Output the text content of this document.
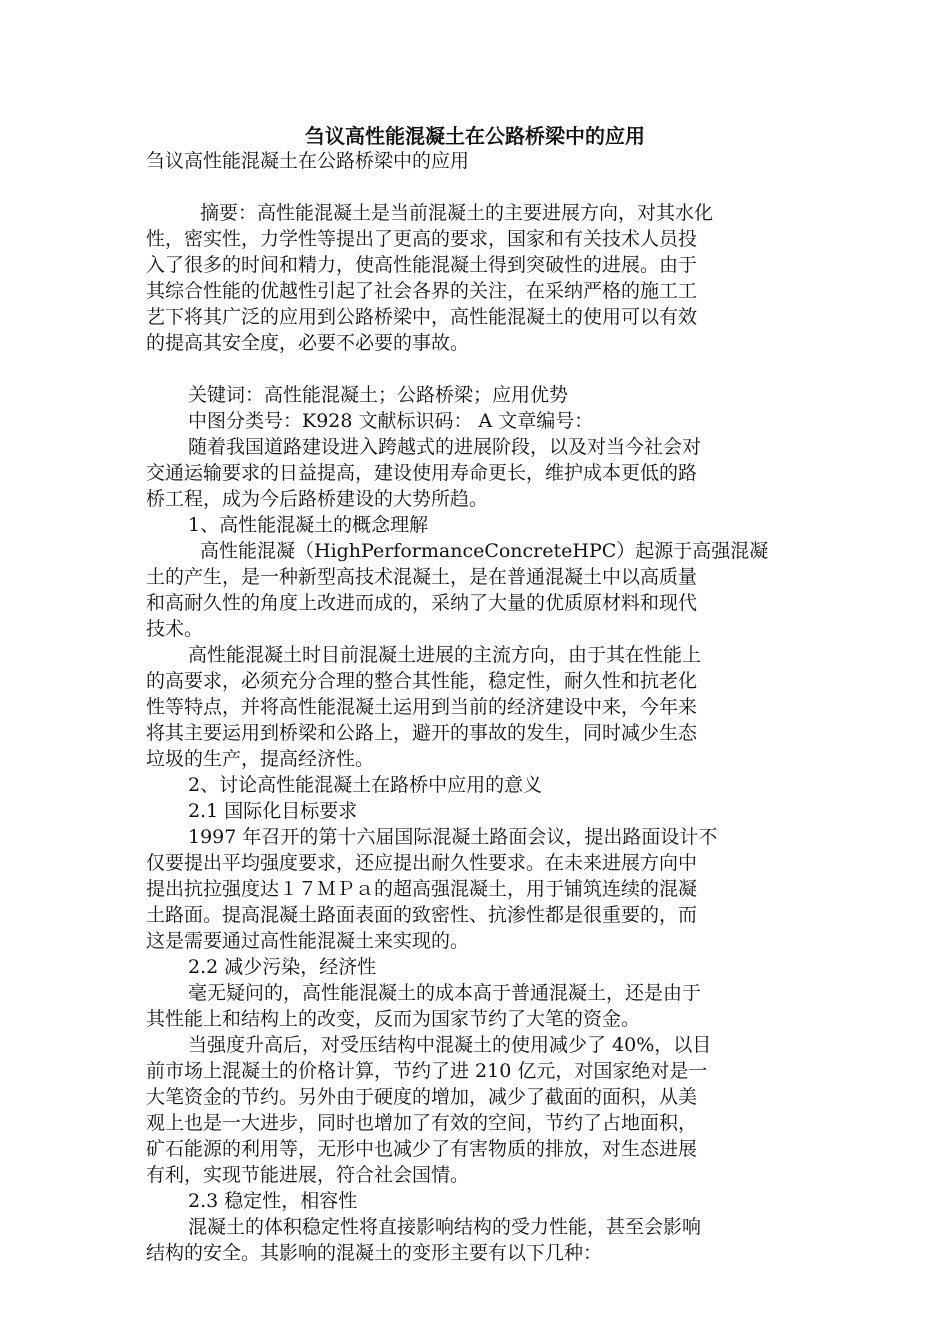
刍议高性能混凝土在公路桥梁中的应用
刍议高性能混凝土在公路桥梁中的应用
摘要：高性能混凝土是当前混凝土的主要进展方向，对其水化
性，密实性，力学性等提出了更高的要求，国家和有关技术人员投
入了很多的时间和精力，使高性能混凝土得到突破性的进展。由于
其综合性能的优越性引起了社会各界的关注，在采纳严格的施工工
艺下将其广泛的应用到公路桥梁中，高性能混凝土的使用可以有效
的提高其安全度，必要不必要的事故。
关键词：高性能混凝土；公路桥梁；应用优势
中图分类号：K928 文献标识码： A 文章编号：
随着我国道路建设进入跨越式的进展阶段，以及对当今社会对
交通运输要求的日益提高，建设使用寿命更长，维护成本更低的路
桥工程，成为今后路桥建设的大势所趋。
1、高性能混凝土的概念理解
高性能混凝（HighPerformanceConcreteHPC）起源于高强混凝
土的产生，是一种新型高技术混凝土，是在普通混凝土中以高质量
和高耐久性的角度上改进而成的，采纳了大量的优质原材料和现代
技术。
高性能混凝土时目前混凝土进展的主流方向，由于其在性能上
的高要求，必须充分合理的整合其性能，稳定性，耐久性和抗老化
性等特点，并将高性能混凝土运用到当前的经济建设中来，今年来
将其主要运用到桥梁和公路上，避开的事故的发生，同时减少生态
垃圾的生产，提高经济性。
2、讨论高性能混凝土在路桥中应用的意义
2.1 国际化目标要求
1997 年召开的第十六届国际混凝土路面会议，提出路面设计不
仅要提出平均强度要求，还应提出耐久性要求。在未来进展方向中
提出抗拉强度达１７ＭＰａ的超高强混凝土，用于铺筑连续的混凝
土路面。提高混凝土路面表面的致密性、抗渗性都是很重要的，而
这是需要通过高性能混凝土来实现的。
2.2 减少污染，经济性
毫无疑问的，高性能混凝土的成本高于普通混凝土，还是由于
其性能上和结构上的改变，反而为国家节约了大笔的资金。
当强度升高后，对受压结构中混凝土的使用减少了 40%，以目
前市场上混凝土的价格计算，节约了进 210 亿元，对国家绝对是一
大笔资金的节约。另外由于硬度的增加，减少了截面的面积，从美
观上也是一大进步，同时也增加了有效的空间，节约了占地面积，
矿石能源的利用等，无形中也减少了有害物质的排放，对生态进展
有利，实现节能进展，符合社会国情。
2.3 稳定性，相容性
混凝土的体积稳定性将直接影响结构的受力性能，甚至会影响
结构的安全。其影响的混凝土的变形主要有以下几种：
